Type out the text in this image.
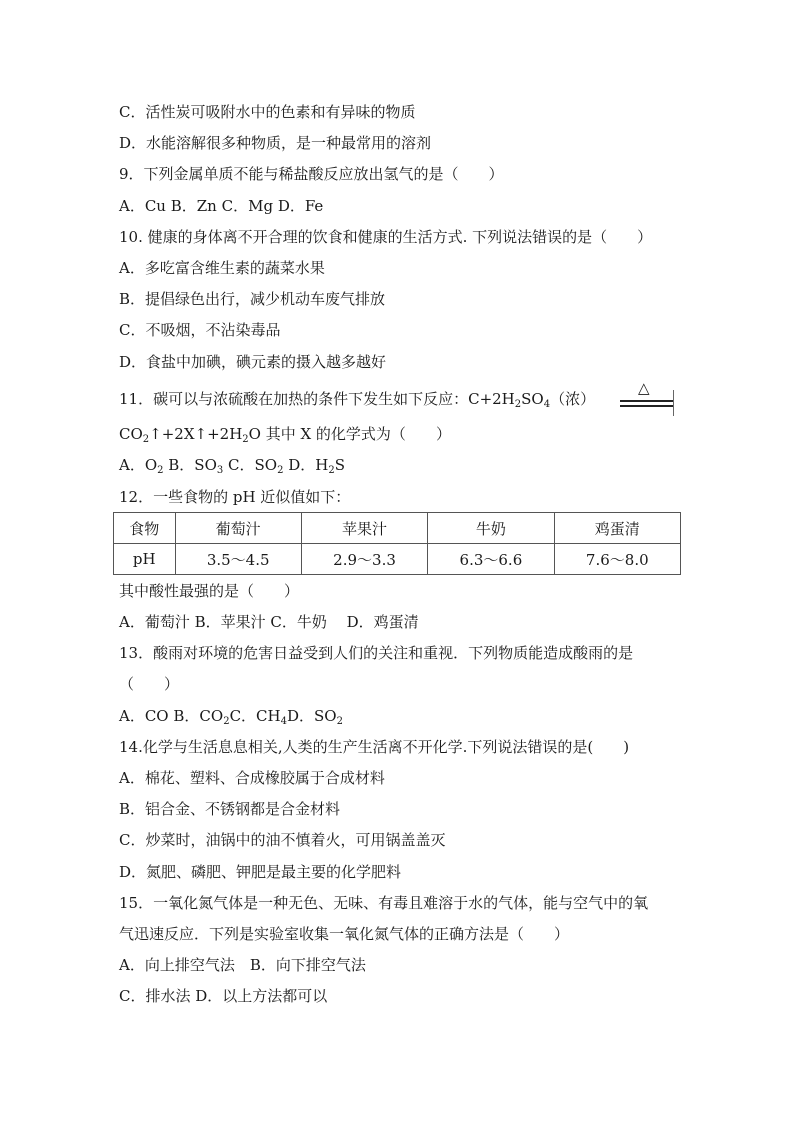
C．活性炭可吸附水中的色素和有异味的物质
D．水能溶解很多种物质，是一种最常用的溶剂
9．下列金属单质不能与稀盐酸反应放出氢气的是（　　）
A．Cu B．Zn C．Mg D．Fe
10. 健康的身体离不开合理的饮食和健康的生活方式. 下列说法错误的是（　　）
A．多吃富含维生素的蔬菜水果
B．提倡绿色出行，减少机动车废气排放
C．不吸烟，不沾染毒品
D．食盐中加碘，碘元素的摄入越多越好
11．碳可以与浓硫酸在加热的条件下发生如下反应：$C+2H_2SO_4$（浓）
△
$CO_2↑+2X↑+2H_2O$ 其中 X 的化学式为（　　）
A．$O_2$ B．$SO_3$ C．$SO_2$ D．$H_2S$
12．一些食物的 pH 近似值如下：
食物	葡萄汁	苹果汁	牛奶	鸡蛋清
pH	3.5～4.5	2.9～3.3	6.3～6.6	7.6～8.0
其中酸性最强的是（　　）
A．葡萄汁 B．苹果汁 C．牛奶　 D．鸡蛋清
13．酸雨对环境的危害日益受到人们的关注和重视．下列物质能造成酸雨的是
（　　）
A．CO B．$CO_2C$．$CH_4D$．$SO_2$
14.化学与生活息息相关,人类的生产生活离不开化学.下列说法错误的是(　　)
A．棉花、塑料、合成橡胶属于合成材料
B．铝合金、不锈钢都是合金材料
C．炒菜时，油锅中的油不慎着火，可用锅盖盖灭
D．氮肥、磷肥、钾肥是最主要的化学肥料
15．一氧化氮气体是一种无色、无味、有毒且难溶于水的气体，能与空气中的氧
气迅速反应．下列是实验室收集一氧化氮气体的正确方法是（　　）
A．向上排空气法　B．向下排空气法
C．排水法 D．以上方法都可以
